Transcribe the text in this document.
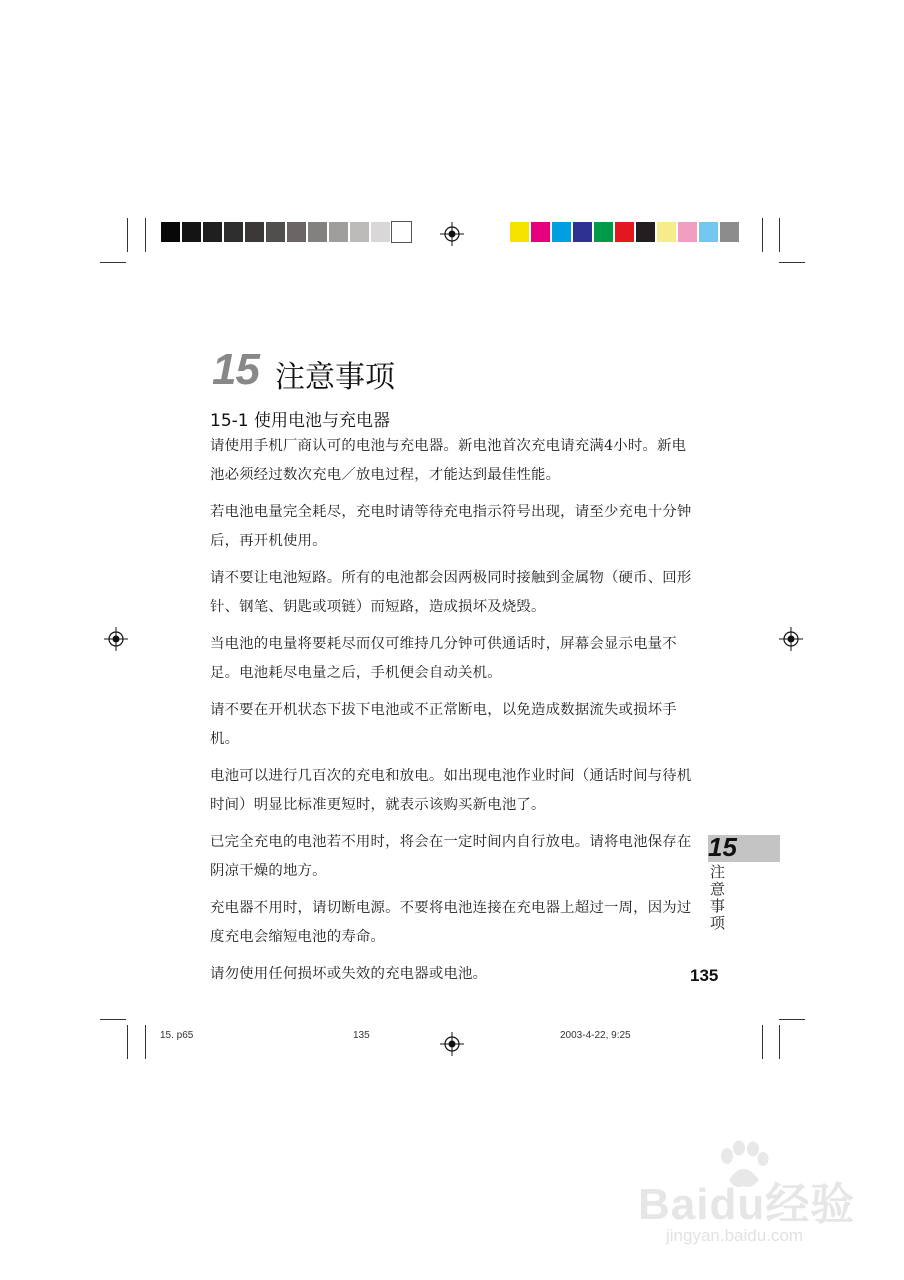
15 注意事项
15-1 使用电池与充电器

请使用手机厂商认可的电池与充电器。新电池首次充电请充满4小时。新电池必须经过数次充电／放电过程，才能达到最佳性能。

若电池电量完全耗尽，充电时请等待充电指示符号出现，请至少充电十分钟后，再开机使用。

请不要让电池短路。所有的电池都会因两极同时接触到金属物（硬币、回形针、钢笔、钥匙或项链）而短路，造成损坏及烧毁。

当电池的电量将要耗尽而仅可维持几分钟可供通话时，屏幕会显示电量不足。电池耗尽电量之后，手机便会自动关机。

请不要在开机状态下拔下电池或不正常断电，以免造成数据流失或损坏手机。

电池可以进行几百次的充电和放电。如出现电池作业时间（通话时间与待机时间）明显比标准更短时，就表示该购买新电池了。

已完全充电的电池若不用时，将会在一定时间内自行放电。请将电池保存在阴凉干燥的地方。

充电器不用时，请切断电源。不要将电池连接在充电器上超过一周，因为过度充电会缩短电池的寿命。

请勿使用任何损坏或失效的充电器或电池。

15
注意事项
135
15. p65	135	2003-4-22, 9:25
Baidu经验
jingyan.baidu.com
